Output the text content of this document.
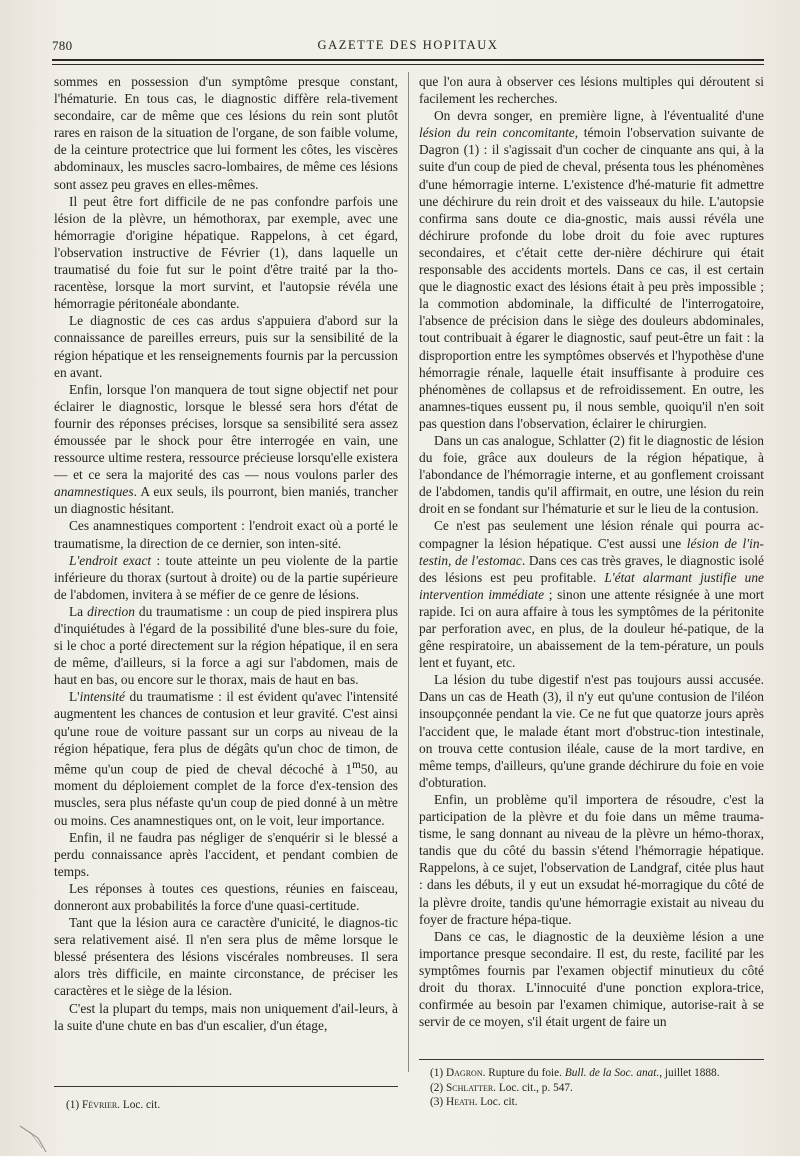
780	GAZETTE DES HOPITAUX

sommes en possession d'un symptôme presque constant, l'hématurie. En tous cas, le diagnostic diffère rela-tivement secondaire, car de même que ces lésions du rein sont plutôt rares en raison de la situation de l'organe, de son faible volume, de la ceinture protectrice que lui forment les côtes, les viscères abdominaux, les muscles sacro-lombaires, de même ces lésions sont assez peu graves en elles-mêmes.

Il peut être fort difficile de ne pas confondre parfois une lésion de la plèvre, un hémothorax, par exemple, avec une hémorragie d'origine hépatique. Rappelons, à cet égard, l'observation instructive de Février (1), dans laquelle un traumatisé du foie fut sur le point d'être traité par la tho-racentèse, lorsque la mort survint, et l'autopsie révéla une hémorragie péritonéale abondante.

Le diagnostic de ces cas ardus s'appuiera d'abord sur la connaissance de pareilles erreurs, puis sur la sensibilité de la région hépatique et les renseignements fournis par la percussion en avant.

Enfin, lorsque l'on manquera de tout signe objectif net pour éclairer le diagnostic, lorsque le blessé sera hors d'état de fournir des réponses précises, lorsque sa sensibilité sera assez émoussée par le shock pour être interrogée en vain, une ressource ultime restera, ressource précieuse lorsqu'elle existera — et ce sera la majorité des cas — nous voulons parler des anamnestiques. A eux seuls, ils pourront, bien maniés, trancher un diagnostic hésitant.

Ces anamnestiques comportent : l'endroit exact où a porté le traumatisme, la direction de ce dernier, son inten-sité.

L'endroit exact : toute atteinte un peu violente de la partie inférieure du thorax (surtout à droite) ou de la partie supérieure de l'abdomen, invitera à se méfier de ce genre de lésions.

La direction du traumatisme : un coup de pied inspirera plus d'inquiétudes à l'égard de la possibilité d'une bles-sure du foie, si le choc a porté directement sur la région hépatique, il en sera de même, d'ailleurs, si la force a agi sur l'abdomen, mais de haut en bas, ou encore sur le thorax, mais de haut en bas.

L'intensité du traumatisme : il est évident qu'avec l'intensité augmentent les chances de contusion et leur gravité. C'est ainsi qu'une roue de voiture passant sur un corps au niveau de la région hépatique, fera plus de dégâts qu'un choc de timon, de même qu'un coup de pied de cheval décoché à 1$^m$50, au moment du déploiement complet de la force d'ex-tension des muscles, sera plus néfaste qu'un coup de pied donné à un mètre ou moins. Ces anamnestiques ont, on le voit, leur importance.

Enfin, il ne faudra pas négliger de s'enquérir si le blessé a perdu connaissance après l'accident, et pendant combien de temps.

Les réponses à toutes ces questions, réunies en faisceau, donneront aux probabilités la force d'une quasi-certitude.

Tant que la lésion aura ce caractère d'unicité, le diagnos-tic sera relativement aisé. Il n'en sera plus de même lorsque le blessé présentera des lésions viscérales nombreuses. Il sera alors très difficile, en mainte circonstance, de préciser les caractères et le siège de la lésion.

C'est la plupart du temps, mais non uniquement d'ail-leurs, à la suite d'une chute en bas d'un escalier, d'un étage,

que l'on aura à observer ces lésions multiples qui déroutent si facilement les recherches.

On devra songer, en première ligne, à l'éventualité d'une lésion du rein concomitante, témoin l'observation suivante de Dagron (1) : il s'agissait d'un cocher de cinquante ans qui, à la suite d'un coup de pied de cheval, présenta tous les phénomènes d'une hémorragie interne. L'existence d'hé-maturie fit admettre une déchirure du rein droit et des vaisseaux du hile. L'autopsie confirma sans doute ce dia-gnostic, mais aussi révéla une déchirure profonde du lobe droit du foie avec ruptures secondaires, et c'était cette der-nière déchirure qui était responsable des accidents mortels. Dans ce cas, il est certain que le diagnostic exact des lésions était à peu près impossible ; la commotion abdominale, la difficulté de l'interrogatoire, l'absence de précision dans le siège des douleurs abdominales, tout contribuait à égarer le diagnostic, sauf peut-être un fait : la disproportion entre les symptômes observés et l'hypothèse d'une hémorragie rénale, laquelle était insuffisante à produire ces phénomènes de collapsus et de refroidissement. En outre, les anamnes-tiques eussent pu, il nous semble, quoiqu'il n'en soit pas question dans l'observation, éclairer le chirurgien.

Dans un cas analogue, Schlatter (2) fit le diagnostic de lésion du foie, grâce aux douleurs de la région hépatique, à l'abondance de l'hémorragie interne, et au gonflement croissant de l'abdomen, tandis qu'il affirmait, en outre, une lésion du rein droit en se fondant sur l'hématurie et sur le lieu de la contusion.

Ce n'est pas seulement une lésion rénale qui pourra ac-compagner la lésion hépatique. C'est aussi une lésion de l'in-testin, de l'estomac. Dans ces cas très graves, le diagnostic isolé des lésions est peu profitable. L'état alarmant justifie une intervention immédiate ; sinon une attente résignée à une mort rapide. Ici on aura affaire à tous les symptômes de la péritonite par perforation avec, en plus, de la douleur hé-patique, de la gêne respiratoire, un abaissement de la tem-pérature, un pouls lent et fuyant, etc.

La lésion du tube digestif n'est pas toujours aussi accusée. Dans un cas de Heath (3), il n'y eut qu'une contusion de l'iléon insoupçonnée pendant la vie. Ce ne fut que quatorze jours après l'accident que, le malade étant mort d'obstruc-tion intestinale, on trouva cette contusion iléale, cause de la mort tardive, en même temps, d'ailleurs, qu'une grande déchirure du foie en voie d'obturation.

Enfin, un problème qu'il importera de résoudre, c'est la participation de la plèvre et du foie dans un même trauma-tisme, le sang donnant au niveau de la plèvre un hémo-thorax, tandis que du côté du bassin s'étend l'hémorragie hépatique. Rappelons, à ce sujet, l'observation de Landgraf, citée plus haut : dans les débuts, il y eut un exsudat hé-morragique du côté de la plèvre droite, tandis qu'une hémorragie existait au niveau du foyer de fracture hépa-tique.

Dans ce cas, le diagnostic de la deuxième lésion a une importance presque secondaire. Il est, du reste, facilité par les symptômes fournis par l'examen objectif minutieux du côté droit du thorax. L'innocuité d'une ponction explora-trice, confirmée au besoin par l'examen chimique, autorise-rait à se servir de ce moyen, s'il était urgent de faire un

(1) Février. Loc. cit.
(1) Dagron. Rupture du foie. Bull. de la Soc. anat., juillet 1888.
(2) Schlatter. Loc. cit., p. 547.
(3) Heath. Loc. cit.
